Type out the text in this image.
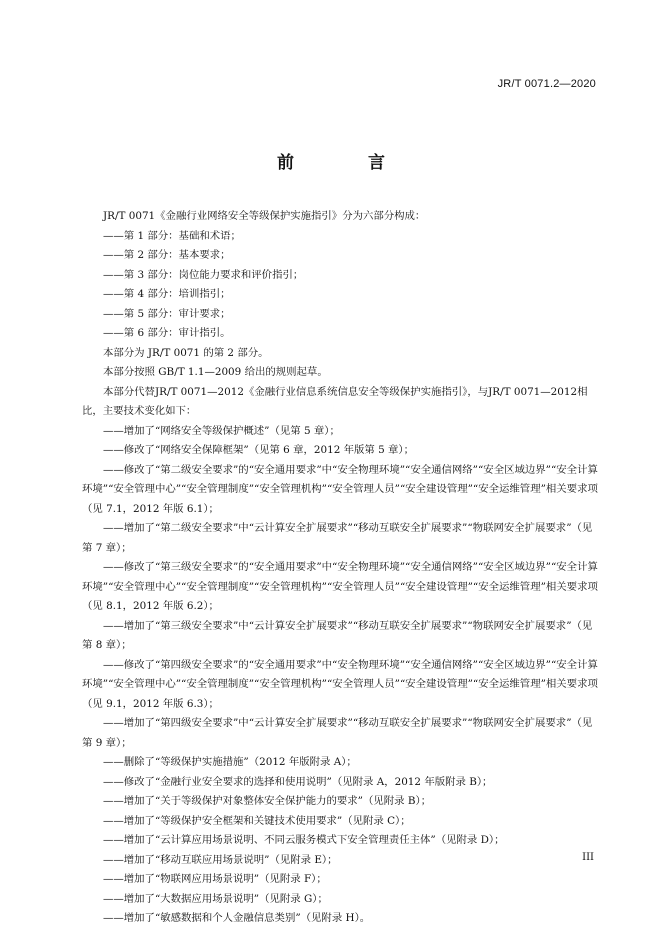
JR/T 0071.2—2020
前 言

JR/T 0071《金融行业网络安全等级保护实施指引》分为六部分构成：

——第 1 部分：基础和术语；

——第 2 部分：基本要求；

——第 3 部分：岗位能力要求和评价指引；

——第 4 部分：培训指引；

——第 5 部分：审计要求；

——第 6 部分：审计指引。

本部分为 JR/T 0071 的第 2 部分。

本部分按照 GB/T 1.1—2009 给出的规则起草。

本部分代替JR/T 0071—2012《金融行业信息系统信息安全等级保护实施指引》，与JR/T 0071—2012相比，主要技术变化如下：

——增加了“网络安全等级保护概述”（见第 5 章）；

——修改了“网络安全保障框架”（见第 6 章，2012 年版第 5 章）；

——修改了“第二级安全要求”的“安全通用要求”中“安全物理环境”“安全通信网络”“安全区域边界”“安全计算环境”“安全管理中心”“安全管理制度”“安全管理机构”“安全管理人员”“安全建设管理”“安全运维管理”相关要求项（见 7.1，2012 年版 6.1）；

——增加了“第二级安全要求”中“云计算安全扩展要求”“移动互联安全扩展要求”“物联网安全扩展要求”（见第 7 章）；

——修改了“第三级安全要求”的“安全通用要求”中“安全物理环境”“安全通信网络”“安全区域边界”“安全计算环境”“安全管理中心”“安全管理制度”“安全管理机构”“安全管理人员”“安全建设管理”“安全运维管理”相关要求项（见 8.1，2012 年版 6.2）；

——增加了“第三级安全要求”中“云计算安全扩展要求”“移动互联安全扩展要求”“物联网安全扩展要求”（见第 8 章）；

——修改了“第四级安全要求”的“安全通用要求”中“安全物理环境”“安全通信网络”“安全区域边界”“安全计算环境”“安全管理中心”“安全管理制度”“安全管理机构”“安全管理人员”“安全建设管理”“安全运维管理”相关要求项（见 9.1，2012 年版 6.3）；

——增加了“第四级安全要求”中“云计算安全扩展要求”“移动互联安全扩展要求”“物联网安全扩展要求”（见第 9 章）；

——删除了“等级保护实施措施”（2012 年版附录 A）；

——修改了“金融行业安全要求的选择和使用说明”（见附录 A，2012 年版附录 B）；

——增加了“关于等级保护对象整体安全保护能力的要求”（见附录 B）；

——增加了“等级保护安全框架和关键技术使用要求”（见附录 C）；

——增加了“云计算应用场景说明、不同云服务模式下安全管理责任主体”（见附录 D）；

——增加了“移动互联应用场景说明”（见附录 E）；

——增加了“物联网应用场景说明”（见附录 F）；

——增加了“大数据应用场景说明”（见附录 G）；

——增加了“敏感数据和个人金融信息类别”（见附录 H）。

III
